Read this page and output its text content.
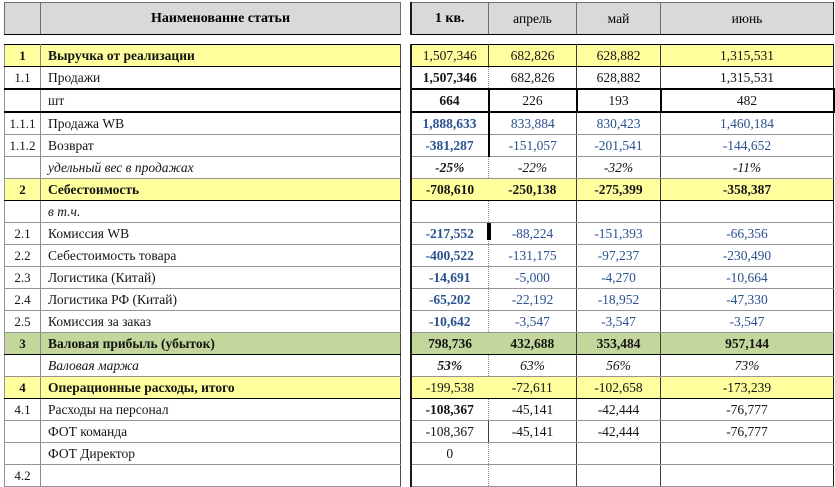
	Наименование статьи		1 кв.	апрель	май	июнь

1	Выручка от реализации		1,507,346	682,826	628,882	1,315,531
1.1	Продажи		1,507,346	682,826	628,882	1,315,531
	шт		664	226	193	482
1.1.1	Продажа WB		1,888,633	833,884	830,423	1,460,184
1.1.2	Возврат		-381,287	-151,057	-201,541	-144,652
	удельный вес в продажах		-25%	-22%	-32%	-11%
2	Себестоимость		-708,610	-250,138	-275,399	-358,387
	в т.ч.					
2.1	Комиссия WB		-217,552	-88,224	-151,393	-66,356
2.2	Себестоимость товара		-400,522	-131,175	-97,237	-230,490
2.3	Логистика (Китай)		-14,691	-5,000	-4,270	-10,664
2.4	Логистика РФ (Китай)		-65,202	-22,192	-18,952	-47,330
2.5	Комиссия за заказ		-10,642	-3,547	-3,547	-3,547
3	Валовая прибыль (убыток)		798,736	432,688	353,484	957,144
	Валовая маржа		53%	63%	56%	73%
4	Операционные расходы, итого		-199,538	-72,611	-102,658	-173,239
4.1	Расходы на персонал		-108,367	-45,141	-42,444	-76,777
	ФОТ команда		-108,367	-45,141	-42,444	-76,777
	ФОТ Директор		0			
4.2						
